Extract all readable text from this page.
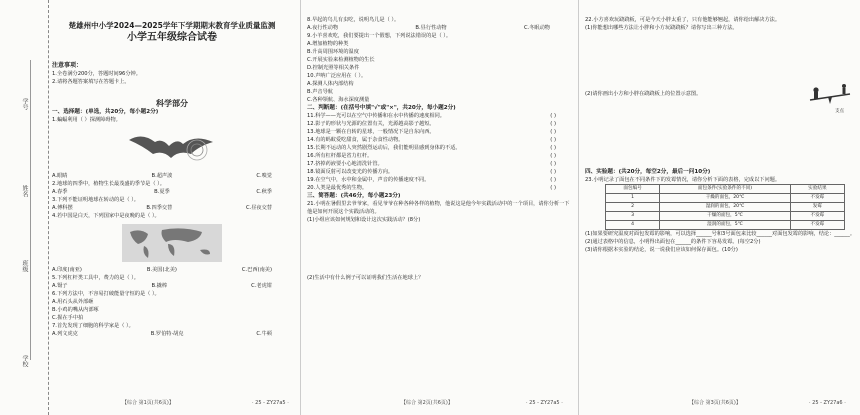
学号
姓名
班级
学校
楚雄州中小学2024—2025学年下学期期末教育学业质量监测
小学五年级综合试卷
注意事项：
1.全卷满分200分，答题时间96分钟。
2.请将各题答案填写在答题卡上。
科学部分
一、选择题：(单选，共20分，每小题2分)
1.蝙蝠利用（ ）探测障碍物。
A.眼睛	B.超声波	C.嗅觉
2.地球的四季中，植物生长最茂盛的季节是（ ）。
A.春季	B.夏季	C.秋季
3.下列不能证明地球在转动的是（ ）。
A.傅科摆	B.四季交替	C.昼夜交替
4.若中国是白天，下列国家中是夜晚的是（ ）。
A.印度(南亚)	B.美国(北美)	C.巴西(南美)
5.下列杠杆类工具中，费力的是（ ）。
A.镊子	B.撬棒	C.老虎钳
6.下列方法中，不容易打破能量守恒的是（ ）。
A.用石头从外部砸
B.小鸡的嘴从内部啄
C.握在手中拍
7.首先发现了细胞的科学家是（ ）。
A.列文虎克	B.罗伯特·胡克	C.牛顿
【综合 第1页(共6页)】	· 25 - ZY27a5 ·
8.早起的鸟儿有虫吃，说明鸟儿是（ ）。
A.夜行性动物	B.昼行性动物	C.冬眠动物
9.小羊喜欢吃，我们要提出一个假想，下列说法错误的是（ ）。
A.增加植物的种类
B.升高周围环境的温度
C.开展实验来检测植物的生长
D.控制光照等相关条件
10.声呐广泛应用在（ ）。
A.探测人体内部结构
B.声音导航
C.各种领航、海水深度测量
二、判断题：(在括号中填"√"或"×"，共20分，每小题2分)
11.科学——光可以在空气中传播和在水中传播的速度相同。	( )
12.影子的形状与光源的位置有关，光源越高影子越短。	( )
13.地球是一颗在自转的星球，一般情况下是自东向西。	( )
14.有的蚂蚁爱吃甜食，属于杂食性动物。	( )
15.长期不运动的人突然剧烈运动后，我们能明显感到身体的不适。	( )
16.所有杠杆都是省力杠杆。	( )
17.挤掉药液要小心地清洗针管。	( )
18.镜面反射可以改变光的传播方向。	( )
19.在空气中，水中和金属中，声音的传播速度不同。	( )
20.人类是最优秀的生物。	( )
三、简答题：(共46分，每小题23分)
21.小明在暑假里去爷爷家，看见爷爷在种各种各样的植物，他说这是他今年实践活动中的一个项目，请你分析一下他是如何开展这个实践活动的。
(1)小组应该如何规划和设计这次实践活动？(8分)
(2)生活中有什么例子可以证明我们生活在地球上？
【综合 第2页(共6页)】	· 25 - ZY27a5 ·
22.小方喜欢玩跷跷板，可是今天小胖太重了，只有他能够翘起，请你给出解决方法。
(1)你能想出哪些方法让小胖和小方玩跷跷板？请你写出三种方法。
(2)请你画出小方和小胖在跷跷板上的位置示意图。
支点
四、实验题：(共20分，每空2分，最后一问10分)
23.小明记录了面包在不同条件下的发霉情况，请你分析下面的表格，完成以下问题。
面包编号	面包条件(实验条件的不同)	实验结果
1	干燥的面包，20℃	不发霉
2	湿润的面包，20℃	发霉
3	干燥的面包，5℃	不发霉
4	湿润的面包，5℃	不发霉
(1)如果要研究温度对面包发霉的影响，可以选择______号和3号面包来比较______对面包发霉的影响，结论：______。
(2)通过表格中的信息，小明得出面包在______的条件下容易发霉。(每空2分)
(3)请你根据本实验的结论，说一说我们应该如何保存面包。(10分)
【综合 第3页(共6页)】	· 25 - ZY27a6 ·
